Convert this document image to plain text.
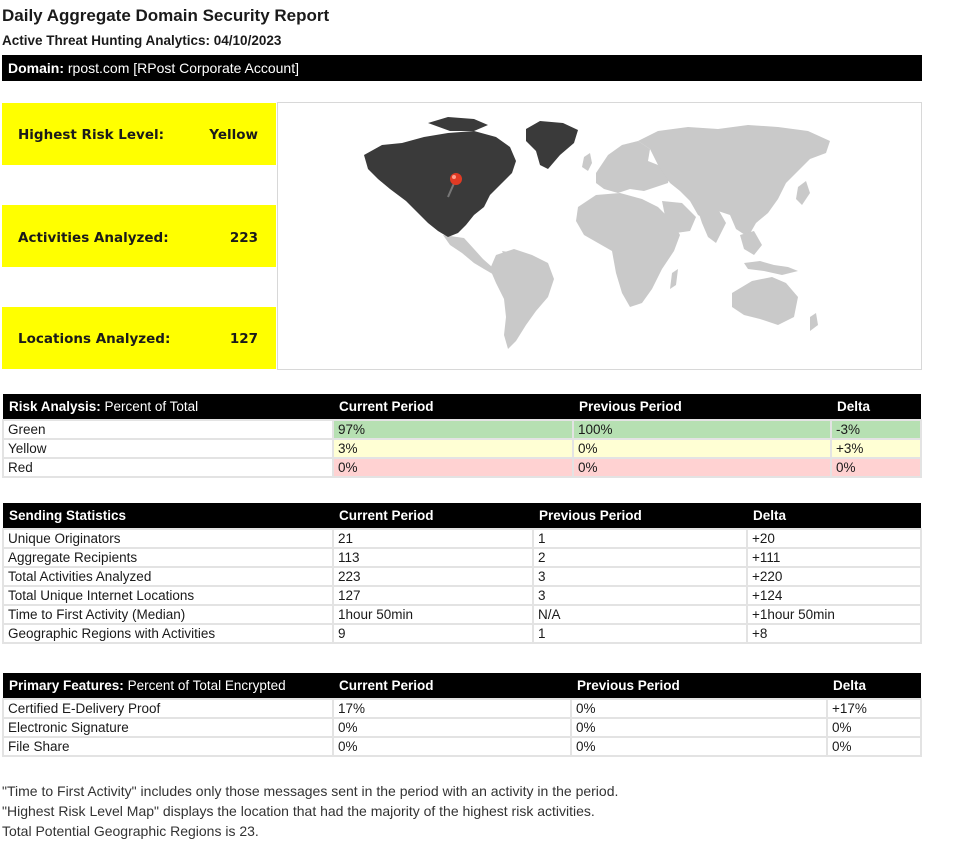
Daily Aggregate Domain Security Report
Active Threat Hunting Analytics: 04/10/2023
Domain: rpost.com [RPost Corporate Account]
Highest Risk Level:	Yellow
Activities Analyzed:	223
Locations Analyzed:	127
Risk Analysis: Percent of Total	Current Period	Previous Period	Delta
Green	97%	100%	-3%
Yellow	3%	0%	+3%
Red	0%	0%	0%
Sending Statistics	Current Period	Previous Period	Delta
Unique Originators	21	1	+20
Aggregate Recipients	113	2	+111
Total Activities Analyzed	223	3	+220
Total Unique Internet Locations	127	3	+124
Time to First Activity (Median)	1hour 50min	N/A	+1hour 50min
Geographic Regions with Activities	9	1	+8
Primary Features: Percent of Total Encrypted	Current Period	Previous Period	Delta
Certified E-Delivery Proof	17%	0%	+17%
Electronic Signature	0%	0%	0%
File Share	0%	0%	0%
"Time to First Activity" includes only those messages sent in the period with an activity in the period.
"Highest Risk Level Map" displays the location that had the majority of the highest risk activities.
Total Potential Geographic Regions is 23.
